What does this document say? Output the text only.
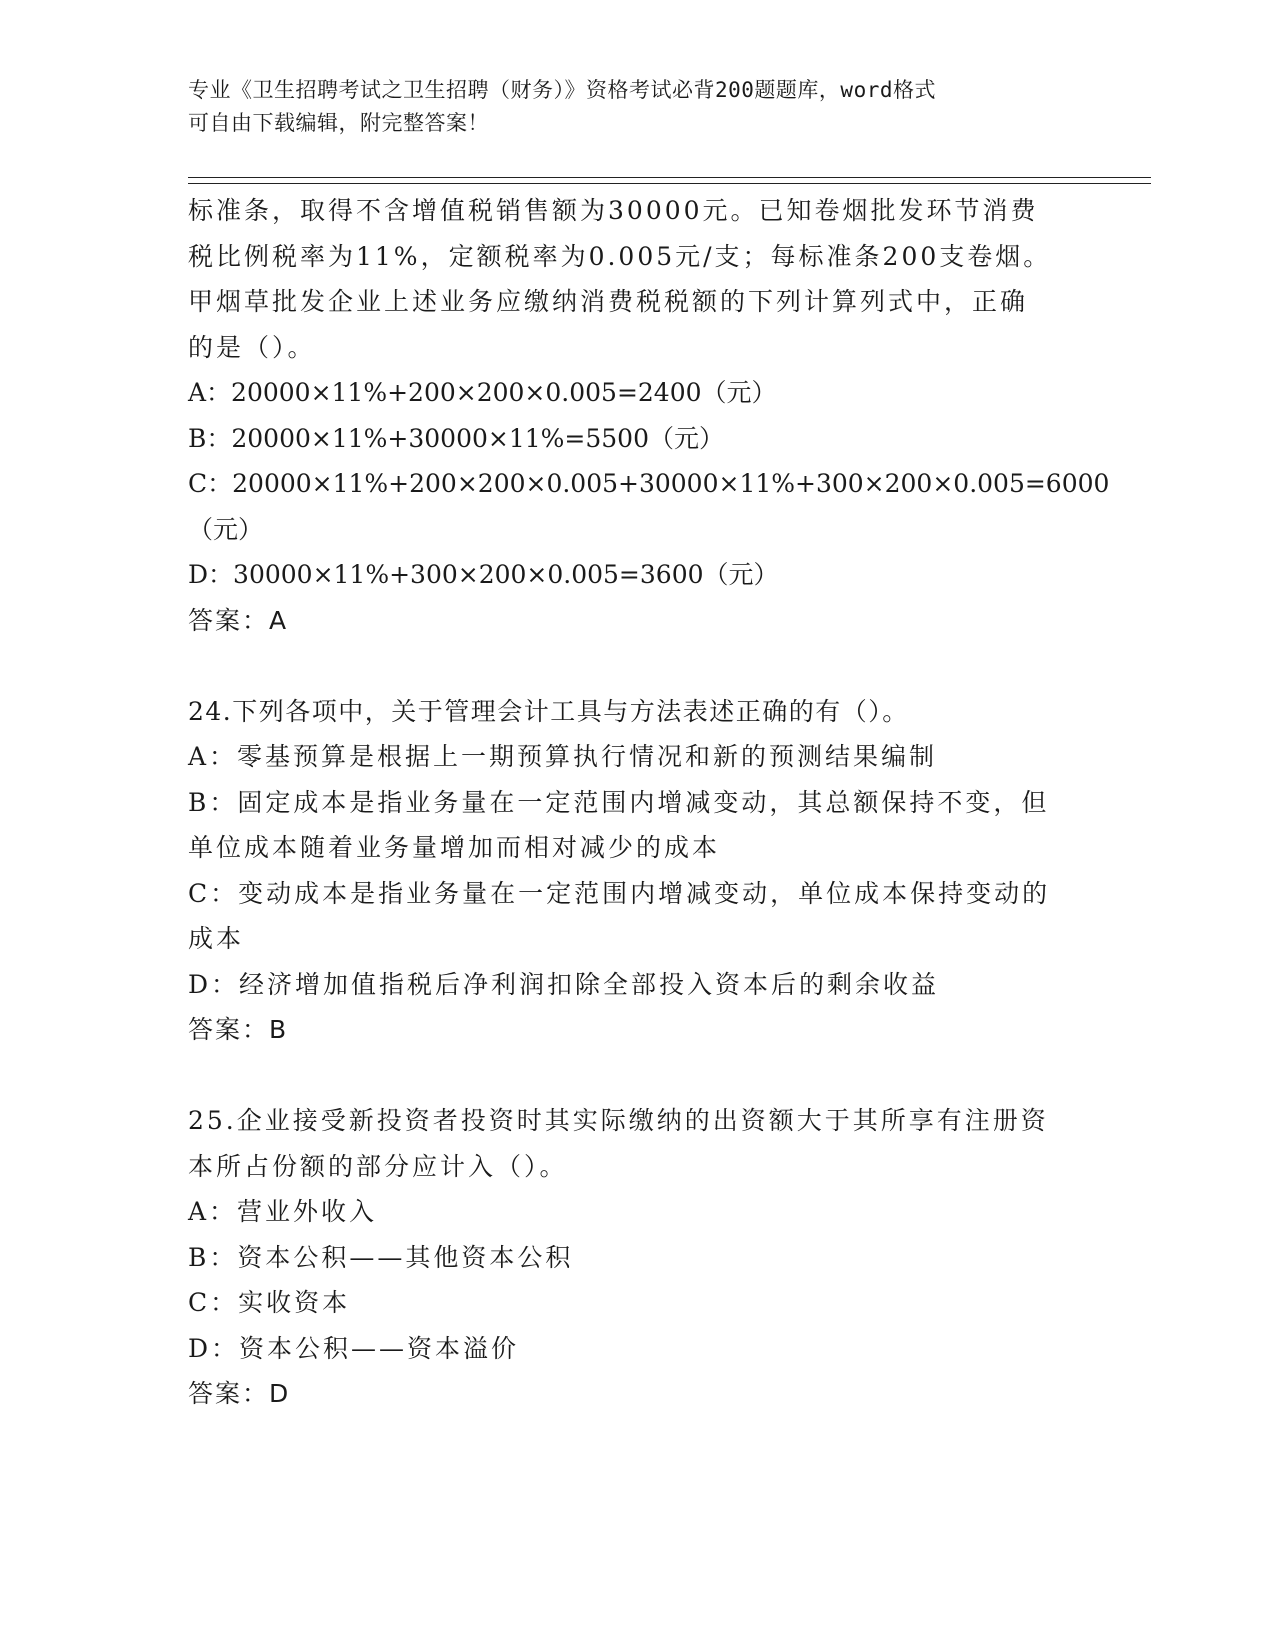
专业《卫生招聘考试之卫生招聘（财务）》资格考试必背200题题库，word格式
可自由下载编辑，附完整答案！
标准条，取得不含增值税销售额为30000元。已知卷烟批发环节消费
税比例税率为11%，定额税率为0.005元/支；每标准条200支卷烟。
甲烟草批发企业上述业务应缴纳消费税税额的下列计算列式中，正确
的是（）。
A：20000×11%+200×200×0.005=2400（元）
B：20000×11%+30000×11%=5500（元）
C：20000×11%+200×200×0.005+30000×11%+300×200×0.005=6000
（元）
D：30000×11%+300×200×0.005=3600（元）
答案：A
24.下列各项中，关于管理会计工具与方法表述正确的有（）。
A：零基预算是根据上一期预算执行情况和新的预测结果编制
B：固定成本是指业务量在一定范围内增减变动，其总额保持不变，但
单位成本随着业务量增加而相对减少的成本
C：变动成本是指业务量在一定范围内增减变动，单位成本保持变动的
成本
D：经济增加值指税后净利润扣除全部投入资本后的剩余收益
答案：B
25.企业接受新投资者投资时其实际缴纳的出资额大于其所享有注册资
本所占份额的部分应计入（）。
A：营业外收入
B：资本公积——其他资本公积
C：实收资本
D：资本公积——资本溢价
答案：D
